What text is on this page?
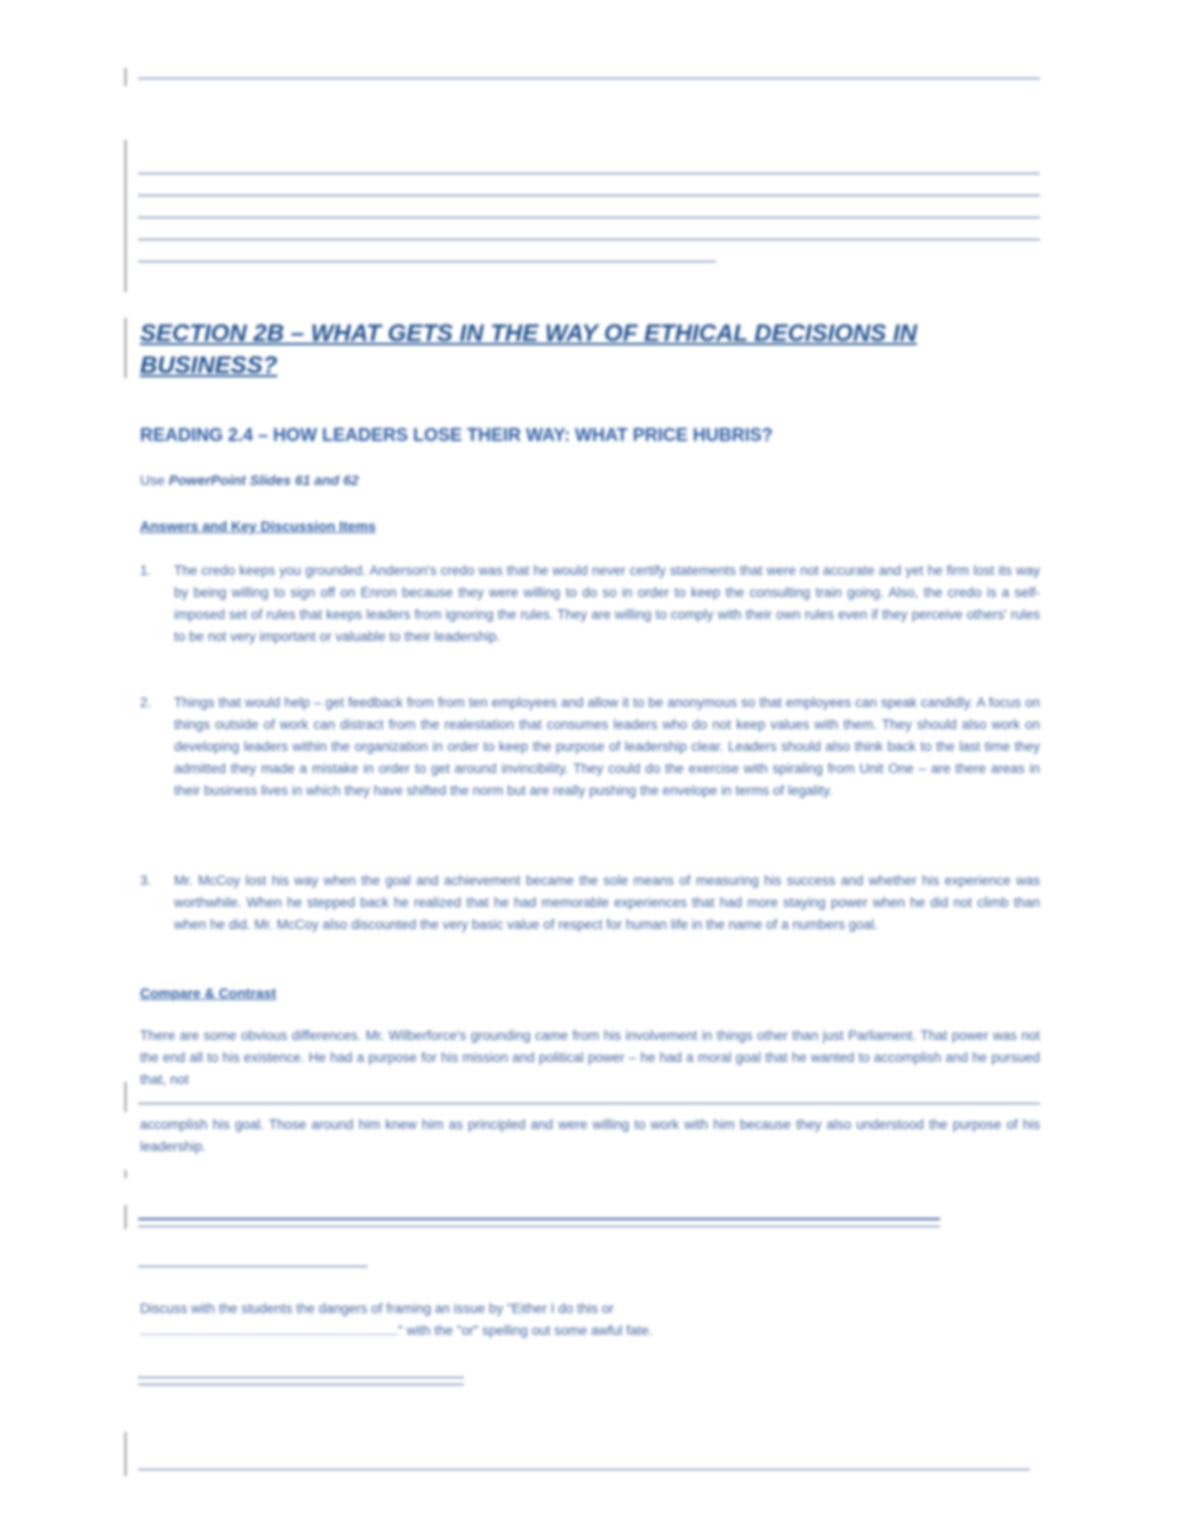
SECTION 2B – WHAT GETS IN THE WAY OF ETHICAL DECISIONS IN BUSINESS?
READING 2.4 – HOW LEADERS LOSE THEIR WAY: WHAT PRICE HUBRIS?
Use PowerPoint Slides 61 and 62
Answers and Key Discussion Items
1.	The credo keeps you grounded. Anderson's credo was that he would never certify statements that were not accurate and yet he firm lost its way by being willing to sign off on Enron because they were willing to do so in order to keep the consulting train going. Also, the credo is a self-imposed set of rules that keeps leaders from ignoring the rules. They are willing to comply with their own rules even if they perceive others' rules to be not very important or valuable to their leadership.
2.	Things that would help – get feedback from from ten employees and allow it to be anonymous so that employees can speak candidly. A focus on things outside of work can distract from the realestation that consumes leaders who do not keep values with them. They should also work on developing leaders within the organization in order to keep the purpose of leadership clear. Leaders should also think back to the last time they admitted they made a mistake in order to get around invincibility. They could do the exercise with spiraling from Unit One – are there areas in their business lives in which they have shifted the norm but are really pushing the envelope in terms of legality.
3.	Mr. McCoy lost his way when the goal and achievement became the sole means of measuring his success and whether his experience was worthwhile. When he stepped back he realized that he had memorable experiences that had more staying power when he did not climb than when he did. Mr. McCoy also discounted the very basic value of respect for human life in the name of a numbers goal.
Compare & Contrast
There are some obvious differences. Mr. Wilberforce's grounding came from his involvement in things other than just Parliament. That power was not the end all to his existence. He had a purpose for his mission and political power – he had a moral goal that he wanted to accomplish and he pursued that, not
accomplish his goal. Those around him knew him as principled and were willing to work with him because they also understood the purpose of his leadership.
Discuss with the students the dangers of framing an issue by "Either I do this or
" with the "or" spelling out some awful fate.
